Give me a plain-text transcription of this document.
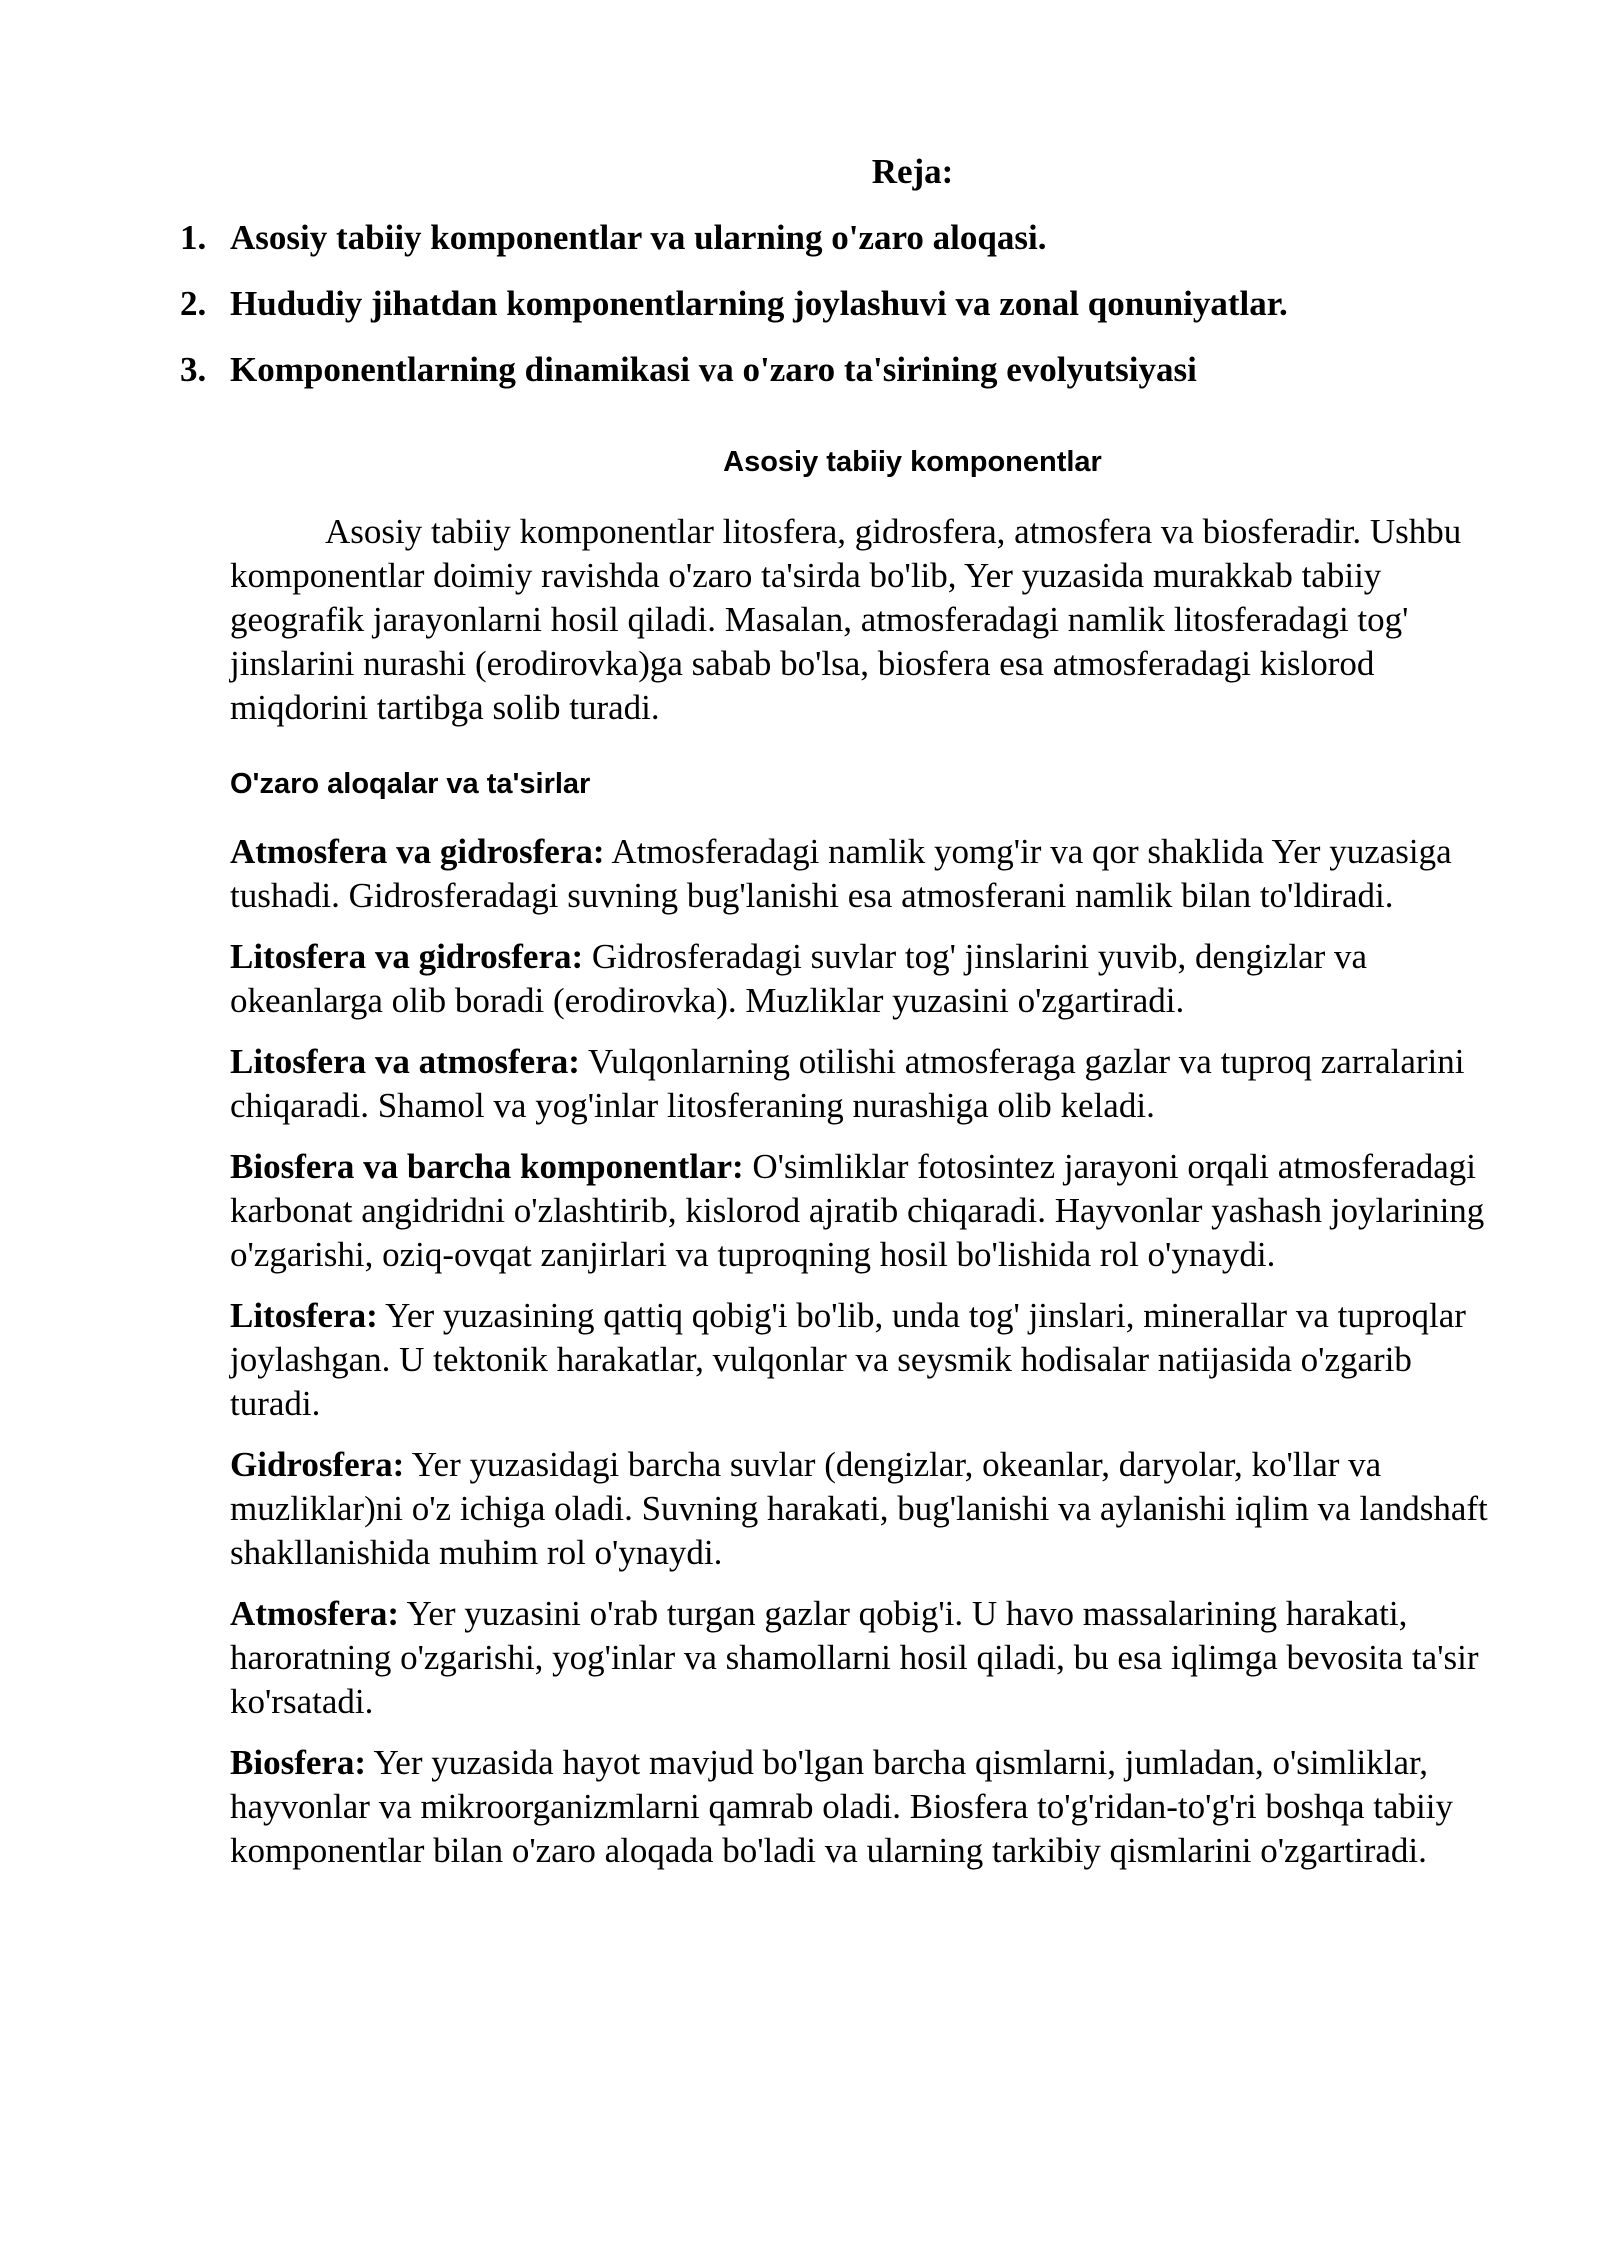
Reja:
1. Asosiy tabiiy komponentlar va ularning o'zaro aloqasi.
2. Hududiy jihatdan komponentlarning joylashuvi va zonal qonuniyatlar.
3. Komponentlarning dinamikasi va o'zaro ta'sirining evolyutsiyasi
Asosiy tabiiy komponentlar

Asosiy tabiiy komponentlar litosfera, gidrosfera, atmosfera va biosferadir. Ushbu komponentlar doimiy ravishda o'zaro ta'sirda bo'lib, Yer yuzasida murakkab tabiiy geografik jarayonlarni hosil qiladi. Masalan, atmosferadagi namlik litosferadagi tog' jinslarini nurashi (erodirovka)ga sabab bo'lsa, biosfera esa atmosferadagi kislorod miqdorini tartibga solib turadi.

O'zaro aloqalar va ta'sirlar

Atmosfera va gidrosfera: Atmosferadagi namlik yomg'ir va qor shaklida Yer yuzasiga tushadi. Gidrosferadagi suvning bug'lanishi esa atmosferani namlik bilan to'ldiradi.

Litosfera va gidrosfera: Gidrosferadagi suvlar tog' jinslarini yuvib, dengizlar va okeanlarga olib boradi (erodirovka). Muzliklar yuzasini o'zgartiradi.

Litosfera va atmosfera: Vulqonlarning otilishi atmosferaga gazlar va tuproq zarralarini chiqaradi. Shamol va yog'inlar litosferaning nurashiga olib keladi.

Biosfera va barcha komponentlar: O'simliklar fotosintez jarayoni orqali atmosferadagi karbonat angidridni o'zlashtirib, kislorod ajratib chiqaradi. Hayvonlar yashash joylarining o'zgarishi, oziq-ovqat zanjirlari va tuproqning hosil bo'lishida rol o'ynaydi.

Litosfera: Yer yuzasining qattiq qobig'i bo'lib, unda tog' jinslari, minerallar va tuproqlar joylashgan. U tektonik harakatlar, vulqonlar va seysmik hodisalar natijasida o'zgarib turadi.

Gidrosfera: Yer yuzasidagi barcha suvlar (dengizlar, okeanlar, daryolar, ko'llar va muzliklar)ni o'z ichiga oladi. Suvning harakati, bug'lanishi va aylanishi iqlim va landshaft shakllanishida muhim rol o'ynaydi.

Atmosfera: Yer yuzasini o'rab turgan gazlar qobig'i. U havo massalarining harakati, haroratning o'zgarishi, yog'inlar va shamollarni hosil qiladi, bu esa iqlimga bevosita ta'sir ko'rsatadi.

Biosfera: Yer yuzasida hayot mavjud bo'lgan barcha qismlarni, jumladan, o'simliklar, hayvonlar va mikroorganizmlarni qamrab oladi. Biosfera to'g'ridan-to'g'ri boshqa tabiiy komponentlar bilan o'zaro aloqada bo'ladi va ularning tarkibiy qismlarini o'zgartiradi.
